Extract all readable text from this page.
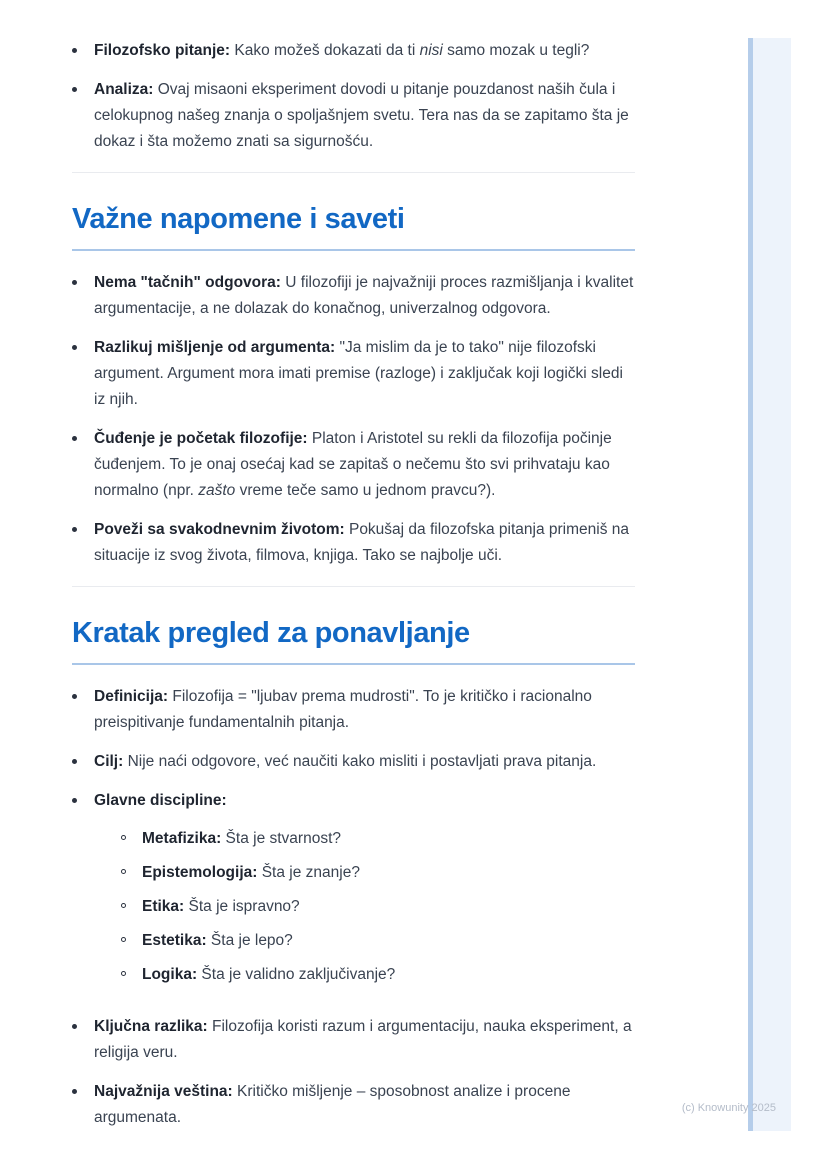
Filozofsko pitanje: Kako možeš dokazati da ti nisi samo mozak u tegli?
Analiza: Ovaj misaoni eksperiment dovodi u pitanje pouzdanost naših čula i celokupnog našeg znanja o spoljašnjem svetu. Tera nas da se zapitamo šta je dokaz i šta možemo znati sa sigurnošću.
Važne napomene i saveti
Nema "tačnih" odgovora: U filozofiji je najvažniji proces razmišljanja i kvalitet argumentacije, a ne dolazak do konačnog, univerzalnog odgovora.
Razlikuj mišljenje od argumenta: "Ja mislim da je to tako" nije filozofski argument. Argument mora imati premise (razloge) i zaključak koji logički sledi iz njih.
Čuđenje je početak filozofije: Platon i Aristotel su rekli da filozofija počinje čuđenjem. To je onaj osećaj kad se zapitaš o nečemu što svi prihvataju kao normalno (npr. zašto vreme teče samo u jednom pravcu?).
Poveži sa svakodnevnim životom: Pokušaj da filozofska pitanja primeniš na situacije iz svog života, filmova, knjiga. Tako se najbolje uči.
Kratak pregled za ponavljanje
Definicija: Filozofija = "ljubav prema mudrosti". To je kritičko i racionalno preispitivanje fundamentalnih pitanja.
Cilj: Nije naći odgovore, već naučiti kako misliti i postavljati prava pitanja.
Glavne discipline:
Metafizika: Šta je stvarnost?
Epistemologija: Šta je znanje?
Etika: Šta je ispravno?
Estetika: Šta je lepo?
Logika: Šta je validno zaključivanje?
Ključna razlika: Filozofija koristi razum i argumentaciju, nauka eksperiment, a religija veru.
Najvažnija veština: Kritičko mišljenje – sposobnost analize i procene argumenata.
(c) Knowunity 2025
